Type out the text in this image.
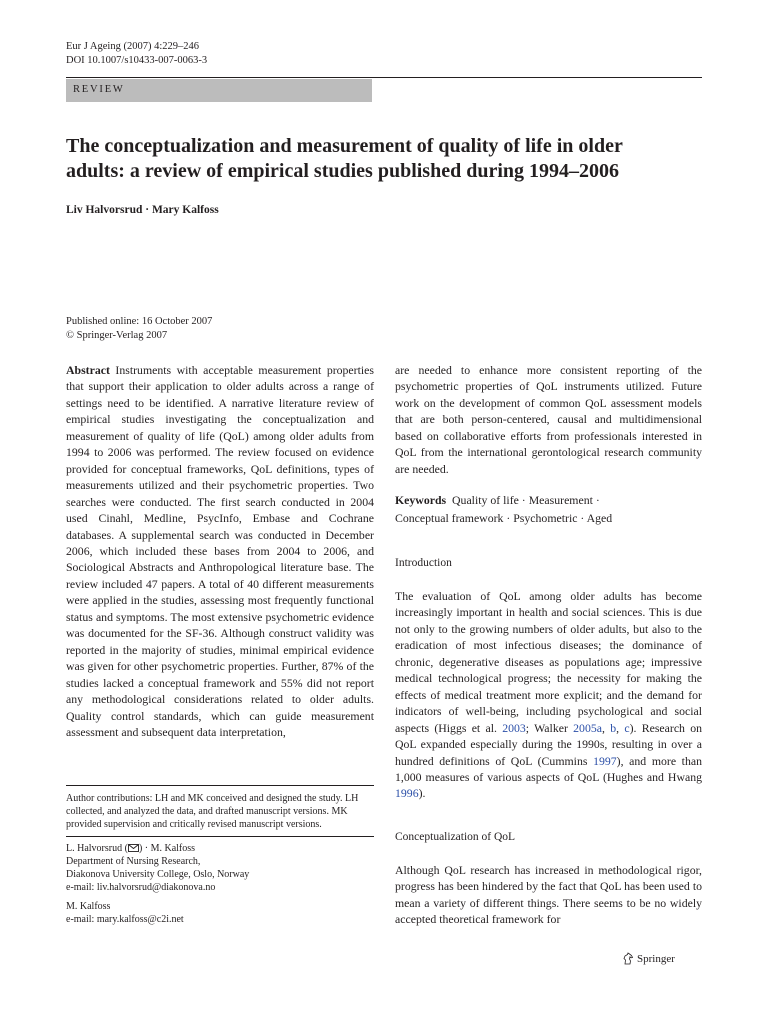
Eur J Ageing (2007) 4:229–246
DOI 10.1007/s10433-007-0063-3
REVIEW
The conceptualization and measurement of quality of life in older
adults: a review of empirical studies published during 1994–2006
Liv Halvorsrud · Mary Kalfoss
Published online: 16 October 2007
© Springer-Verlag 2007

Abstract Instruments with acceptable measurement properties that support their application to older adults across a range of settings need to be identified. A narrative literature review of empirical studies investigating the conceptualization and measurement of quality of life (QoL) among older adults from 1994 to 2006 was performed. The review focused on evidence provided for conceptual frameworks, QoL definitions, types of measurements utilized and their psychometric properties. Two searches were conducted. The first search conducted in 2004 used Cinahl, Medline, PsycInfo, Embase and Cochrane databases. A supplemental search was conducted in December 2006, which included these bases from 2004 to 2006, and Sociological Abstracts and Anthropological literature base. The review included 47 papers. A total of 40 different measurements were applied in the studies, assessing most frequently functional status and symptoms. The most extensive psychometric evidence was documented for the SF-36. Although construct validity was reported in the majority of studies, minimal empirical evidence was given for other psychometric properties. Further, 87% of the studies lacked a conceptual framework and 55% did not report any methodological considerations related to older adults. Quality control standards, which can guide measurement assessment and subsequent data interpretation,

Author contributions: LH and MK conceived and designed the study. LH collected, and analyzed the data, and drafted manuscript versions. MK provided supervision and critically revised manuscript versions.
L. Halvorsrud ( ) · M. Kalfoss
Department of Nursing Research,
Diakonova University College, Oslo, Norway
e-mail: liv.halvorsrud@diakonova.no
M. Kalfoss
e-mail: mary.kalfoss@c2i.net
are needed to enhance more consistent reporting of the psychometric properties of QoL instruments utilized. Future work on the development of common QoL assessment models that are both person-centered, causal and multidimensional based on collaborative efforts from professionals interested in QoL from the international gerontological research community are needed.
Keywords Quality of life · Measurement ·
Conceptual framework · Psychometric · Aged
Introduction

The evaluation of QoL among older adults has become increasingly important in health and social sciences. This is due not only to the growing numbers of older adults, but also to the eradication of most infectious diseases; the dominance of chronic, degenerative diseases as populations age; impressive medical technological progress; the necessity for making the effects of medical treatment more explicit; and the demand for indicators of well-being, including psychological and social aspects (Higgs et al. 2003; Walker 2005a, b, c). Research on QoL expanded especially during the 1990s, resulting in over a hundred definitions of QoL (Cummins 1997), and more than 1,000 measures of various aspects of QoL (Hughes and Hwang 1996).

Conceptualization of QoL
Although QoL research has increased in methodological rigor, progress has been hindered by the fact that QoL has been used to mean a variety of different things. There seems to be no widely accepted theoretical framework for
Springer
